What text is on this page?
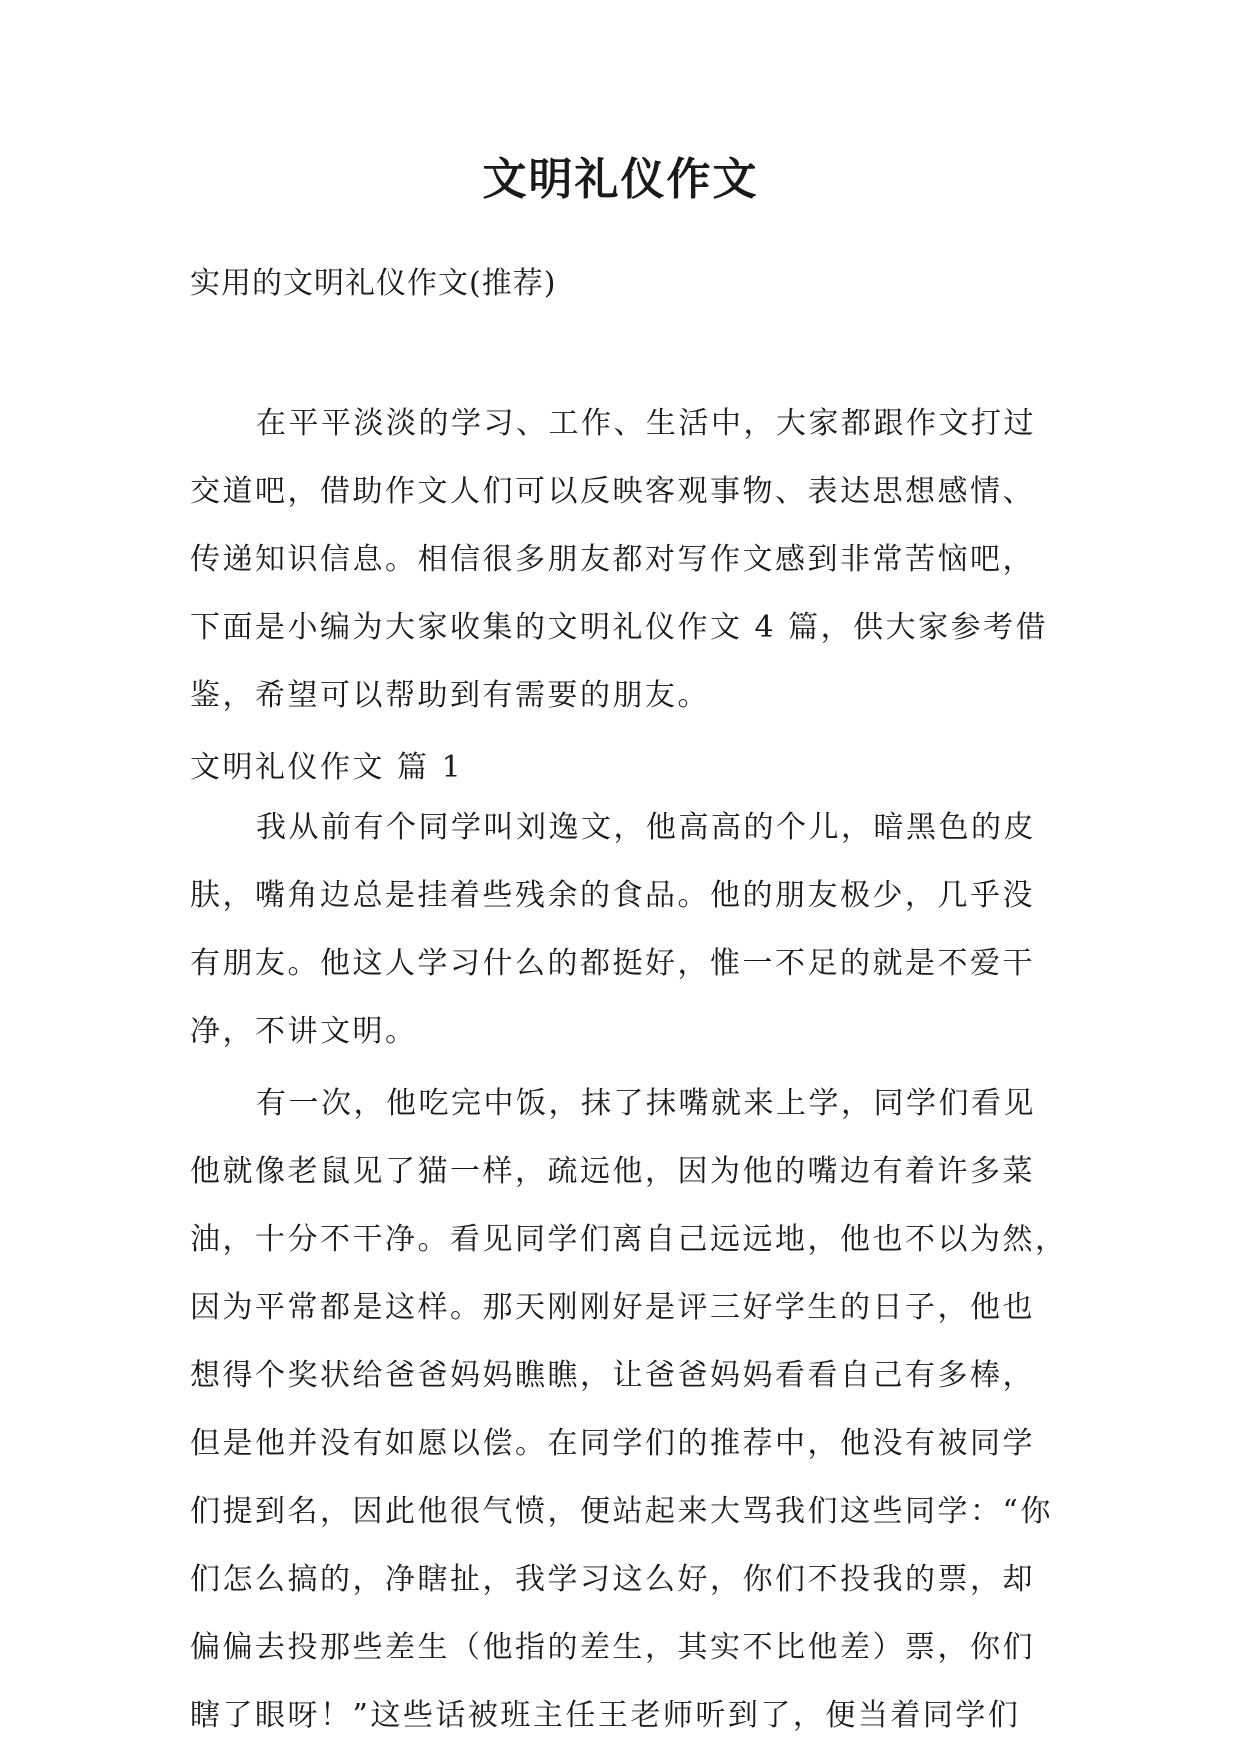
文明礼仪作文

实用的文明礼仪作文(推荐)

在平平淡淡的学习、工作、生活中，大家都跟作文打过

交道吧，借助作文人们可以反映客观事物、表达思想感情、

传递知识信息。相信很多朋友都对写作文感到非常苦恼吧，

下面是小编为大家收集的文明礼仪作文 4 篇，供大家参考借

鉴，希望可以帮助到有需要的朋友。

文明礼仪作文 篇 1

我从前有个同学叫刘逸文，他高高的个儿，暗黑色的皮

肤，嘴角边总是挂着些残余的食品。他的朋友极少，几乎没

有朋友。他这人学习什么的都挺好，惟一不足的就是不爱干

净，不讲文明。

有一次，他吃完中饭，抹了抹嘴就来上学，同学们看见

他就像老鼠见了猫一样，疏远他，因为他的嘴边有着许多菜

油，十分不干净。看见同学们离自己远远地，他也不以为然，

因为平常都是这样。那天刚刚好是评三好学生的日子，他也

想得个奖状给爸爸妈妈瞧瞧，让爸爸妈妈看看自己有多棒，

但是他并没有如愿以偿。在同学们的推荐中，他没有被同学

们提到名，因此他很气愤，便站起来大骂我们这些同学：“你

们怎么搞的，净瞎扯，我学习这么好，你们不投我的票，却

偏偏去投那些差生（他指的差生，其实不比他差）票，你们

瞎了眼呀！”这些话被班主任王老师听到了，便当着同学们
